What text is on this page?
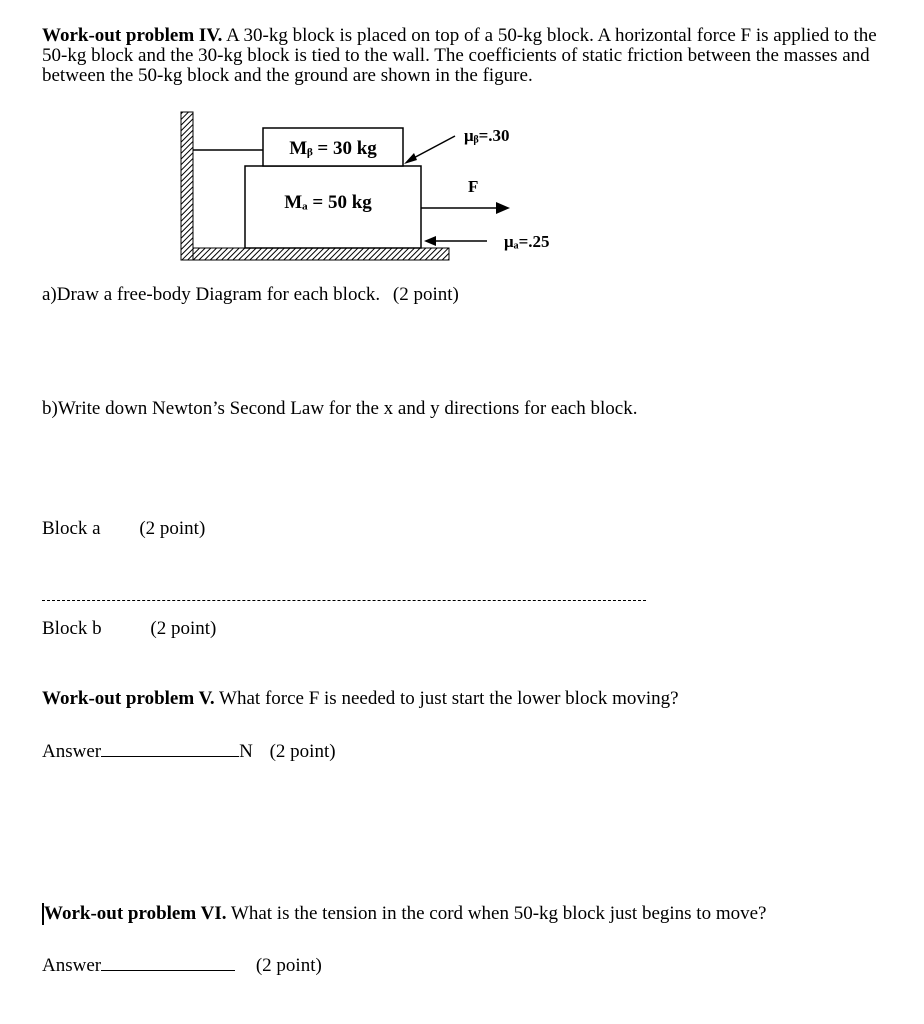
Work-out problem IV. A 30-kg block is placed on top of a 50-kg block. A horizontal force F is applied to the 50-kg block and the 30-kg block is tied to the wall. The coefficients of static friction between the masses and between the 50-kg block and the ground are shown in the figure.
Mᵦ = 30 kg
Mₐ = 50 kg
μᵦ=.30
F
μₐ=.25
a)Draw a free-body Diagram for each block. (2 point)
b)Write down Newton’s Second Law for the x and y directions for each block.
Block a (2 point)
Block b	(2 point)
Work-out problem V. What force F is needed to just start the lower block moving?
Answer	N (2 point)
Work-out problem VI. What is the tension in the cord when 50-kg block just begins to move?
Answer	(2 point)
